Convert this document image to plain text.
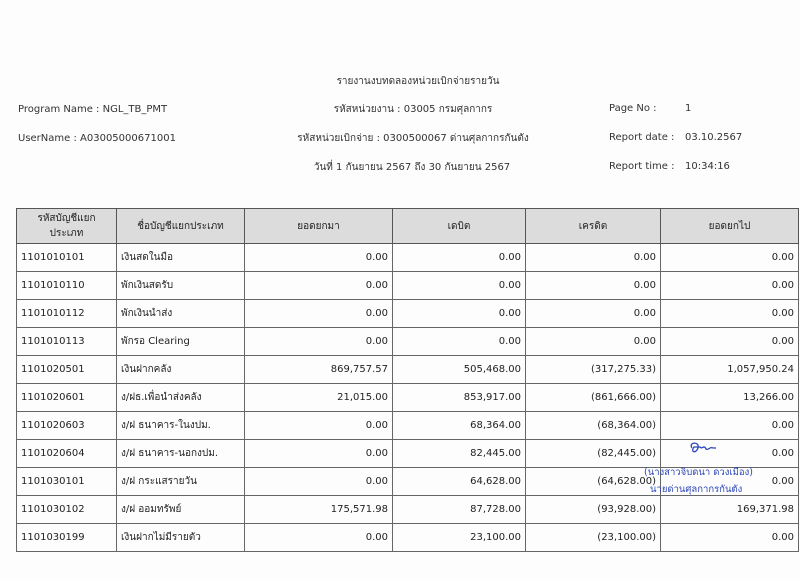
รายงานงบทดลองหน่วยเบิกจ่ายรายวัน
รหัสหน่วยงาน : 03005 กรมศุลกากร
รหัสหน่วยเบิกจ่าย : 0300500067 ด่านศุลกากรกันตัง
วันที่ 1 กันยายน 2567 ถึง 30 กันยายน 2567
Program Name : NGL_TB_PMT
UserName : A03005000671001
Page No :	1
Report date : 03.10.2567
Report time : 10:34:16
รหัสบัญชีแยกประเภท	ชื่อบัญชีแยกประเภท	ยอดยกมา	เดบิต	เครดิต	ยอดยกไป
1101010101	เงินสดในมือ	0.00	0.00	0.00	0.00
1101010110	พักเงินสดรับ	0.00	0.00	0.00	0.00
1101010112	พักเงินนำส่ง	0.00	0.00	0.00	0.00
1101010113	พักรอ Clearing	0.00	0.00	0.00	0.00
1101020501	เงินฝากคลัง	869,757.57	505,468.00	(317,275.33)	1,057,950.24
1101020601	ง/ฝธ.เพื่อนำส่งคลัง	21,015.00	853,917.00	(861,666.00)	13,266.00
1101020603	ง/ฝ ธนาคาร-ในงปม.	0.00	68,364.00	(68,364.00)	0.00
1101020604	ง/ฝ ธนาคาร-นอกงปม.	0.00	82,445.00	(82,445.00)	0.00
1101030101	ง/ฝ กระแสรายวัน	0.00	64,628.00	(64,628.00)	0.00
1101030102	ง/ฝ ออมทรัพย์	175,571.98	87,728.00	(93,928.00)	169,371.98
1101030199	เงินฝากไม่มีรายตัว	0.00	23,100.00	(23,100.00)	0.00
(นางสาวจิบดนา ดวงเมือง)
นายด่านศุลกากรกันตัง
